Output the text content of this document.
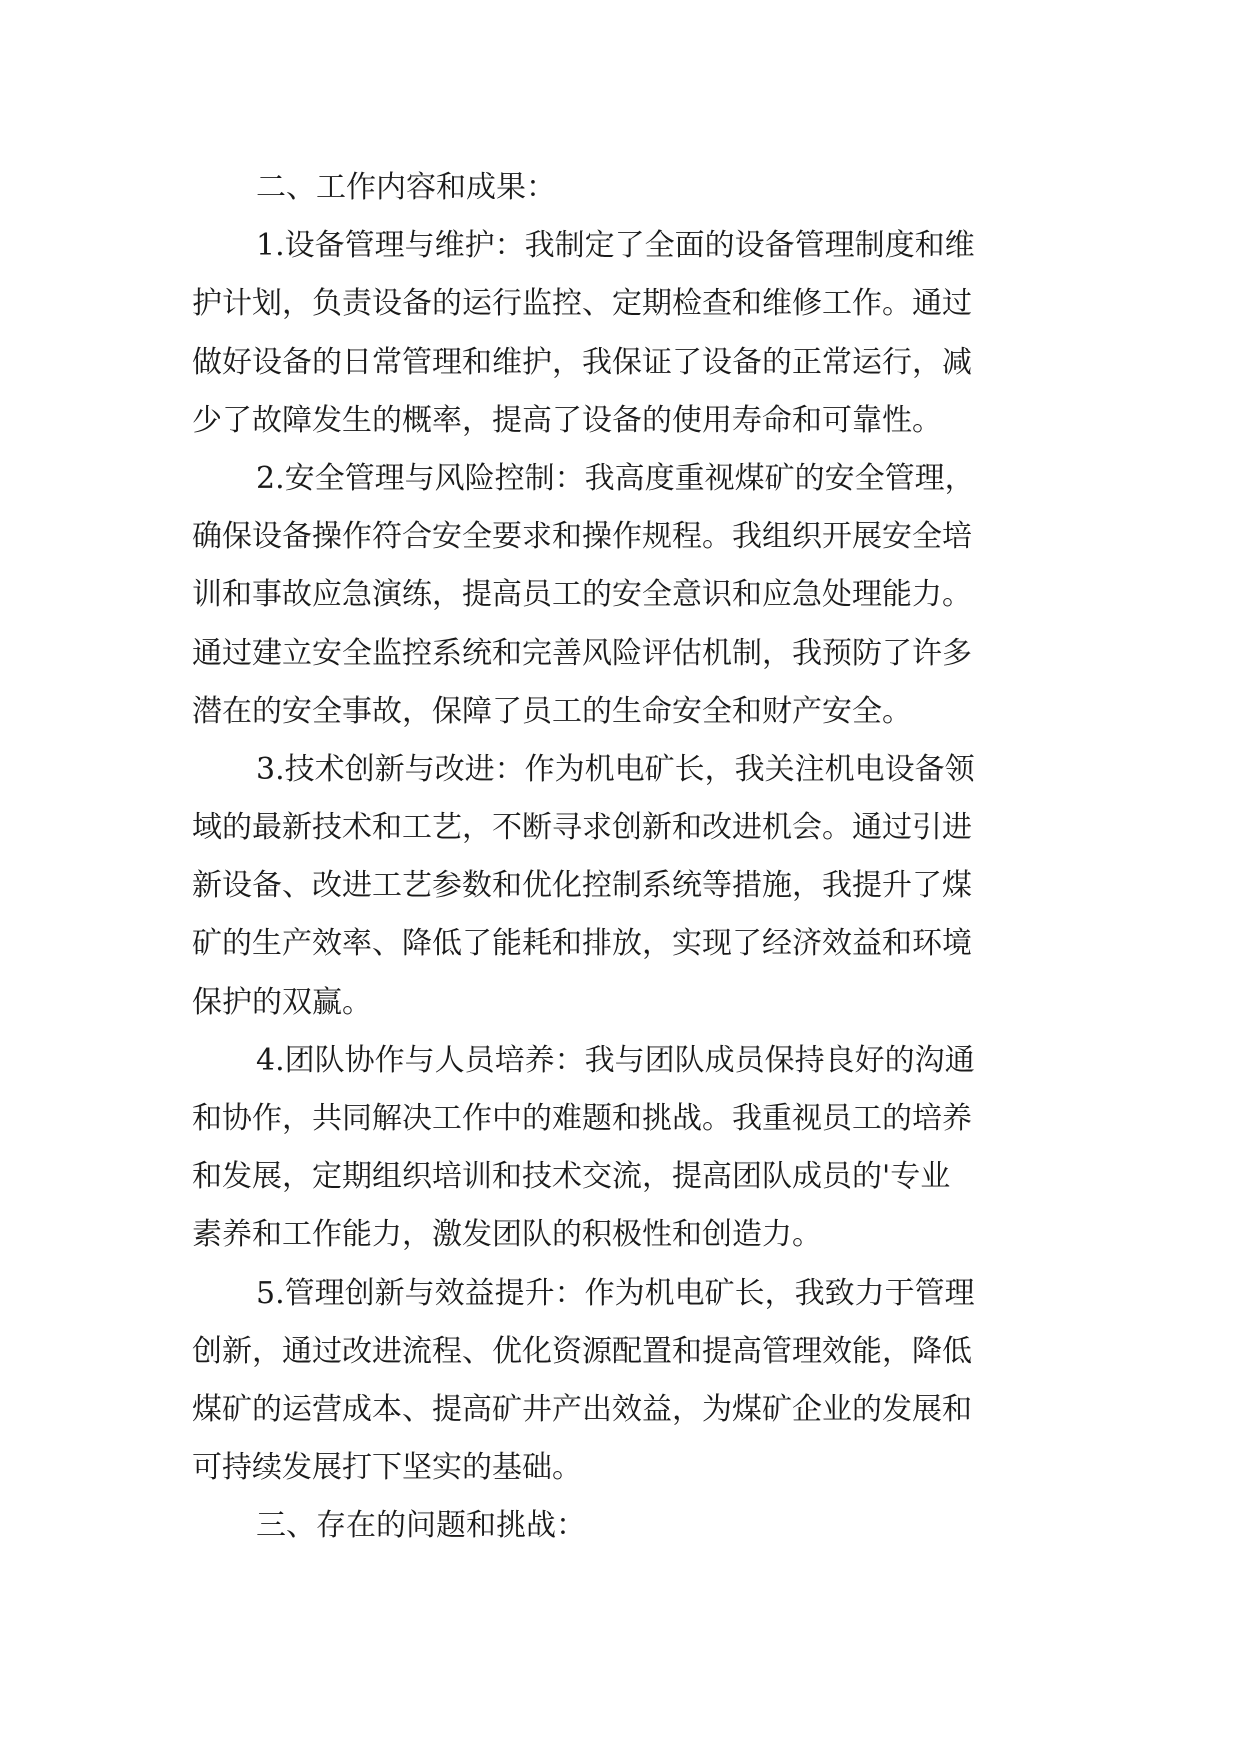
二、工作内容和成果：
1.设备管理与维护：我制定了全面的设备管理制度和维
护计划，负责设备的运行监控、定期检查和维修工作。通过
做好设备的日常管理和维护，我保证了设备的正常运行，减
少了故障发生的概率，提高了设备的使用寿命和可靠性。
2.安全管理与风险控制：我高度重视煤矿的安全管理，
确保设备操作符合安全要求和操作规程。我组织开展安全培
训和事故应急演练，提高员工的安全意识和应急处理能力。
通过建立安全监控系统和完善风险评估机制，我预防了许多
潜在的安全事故，保障了员工的生命安全和财产安全。
3.技术创新与改进：作为机电矿长，我关注机电设备领
域的最新技术和工艺，不断寻求创新和改进机会。通过引进
新设备、改进工艺参数和优化控制系统等措施，我提升了煤
矿的生产效率、降低了能耗和排放，实现了经济效益和环境
保护的双赢。
4.团队协作与人员培养：我与团队成员保持良好的沟通
和协作，共同解决工作中的难题和挑战。我重视员工的培养
和发展，定期组织培训和技术交流，提高团队成员的'专业
素养和工作能力，激发团队的积极性和创造力。
5.管理创新与效益提升：作为机电矿长，我致力于管理
创新，通过改进流程、优化资源配置和提高管理效能，降低
煤矿的运营成本、提高矿井产出效益，为煤矿企业的发展和
可持续发展打下坚实的基础。
三、存在的问题和挑战：
